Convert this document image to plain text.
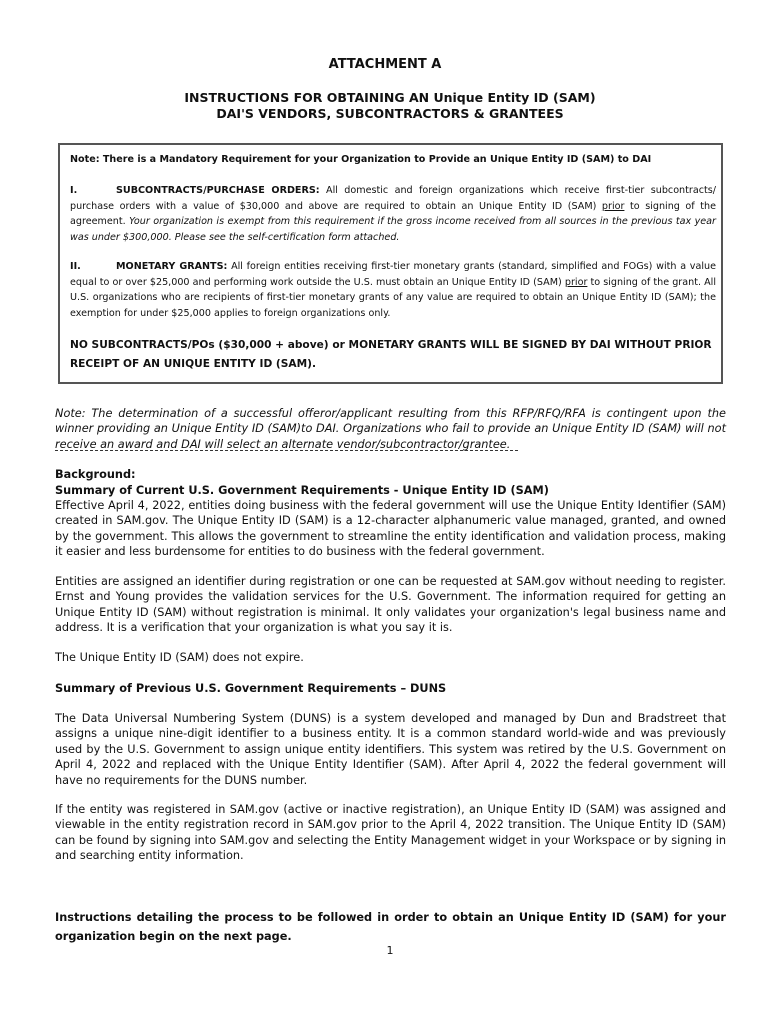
ATTACHMENT A
INSTRUCTIONS FOR OBTAINING AN Unique Entity ID (SAM)
DAI'S VENDORS, SUBCONTRACTORS & GRANTEES
Note: There is a Mandatory Requirement for your Organization to Provide an Unique Entity ID (SAM) to DAI
I.	SUBCONTRACTS/PURCHASE ORDERS: All domestic and foreign organizations which receive first-tier subcontracts/ purchase orders with a value of $30,000 and above are required to obtain an Unique Entity ID (SAM) prior to signing of the agreement. Your organization is exempt from this requirement if the gross income received from all sources in the previous tax year was under $300,000. Please see the self-certification form attached.
II.	MONETARY GRANTS: All foreign entities receiving first-tier monetary grants (standard, simplified and FOGs) with a value equal to or over $25,000 and performing work outside the U.S. must obtain an Unique Entity ID (SAM) prior to signing of the grant. All U.S. organizations who are recipients of first-tier monetary grants of any value are required to obtain an Unique Entity ID (SAM); the exemption for under $25,000 applies to foreign organizations only.
NO SUBCONTRACTS/POs ($30,000 + above) or MONETARY GRANTS WILL BE SIGNED BY DAI WITHOUT PRIOR RECEIPT OF AN UNIQUE ENTITY ID (SAM).
Note: The determination of a successful offeror/applicant resulting from this RFP/RFQ/RFA is contingent upon the winner providing an Unique Entity ID (SAM)to DAI. Organizations who fail to provide an Unique Entity ID (SAM) will not receive an award and DAI will select an alternate vendor/subcontractor/grantee.
Background:
Summary of Current U.S. Government Requirements - Unique Entity ID (SAM)
Effective April 4, 2022, entities doing business with the federal government will use the Unique Entity Identifier (SAM) created in SAM.gov. The Unique Entity ID (SAM) is a 12-character alphanumeric value managed, granted, and owned by the government. This allows the government to streamline the entity identification and validation process, making it easier and less burdensome for entities to do business with the federal government.
Entities are assigned an identifier during registration or one can be requested at SAM.gov without needing to register. Ernst and Young provides the validation services for the U.S. Government. The information required for getting an Unique Entity ID (SAM) without registration is minimal. It only validates your organization's legal business name and address. It is a verification that your organization is what you say it is.
The Unique Entity ID (SAM) does not expire.
Summary of Previous U.S. Government Requirements – DUNS
The Data Universal Numbering System (DUNS) is a system developed and managed by Dun and Bradstreet that assigns a unique nine-digit identifier to a business entity. It is a common standard world-wide and was previously used by the U.S. Government to assign unique entity identifiers. This system was retired by the U.S. Government on April 4, 2022 and replaced with the Unique Entity Identifier (SAM). After April 4, 2022 the federal government will have no requirements for the DUNS number.
If the entity was registered in SAM.gov (active or inactive registration), an Unique Entity ID (SAM) was assigned and viewable in the entity registration record in SAM.gov prior to the April 4, 2022 transition. The Unique Entity ID (SAM) can be found by signing into SAM.gov and selecting the Entity Management widget in your Workspace or by signing in and searching entity information.
Instructions detailing the process to be followed in order to obtain an Unique Entity ID (SAM) for your organization begin on the next page.
1
